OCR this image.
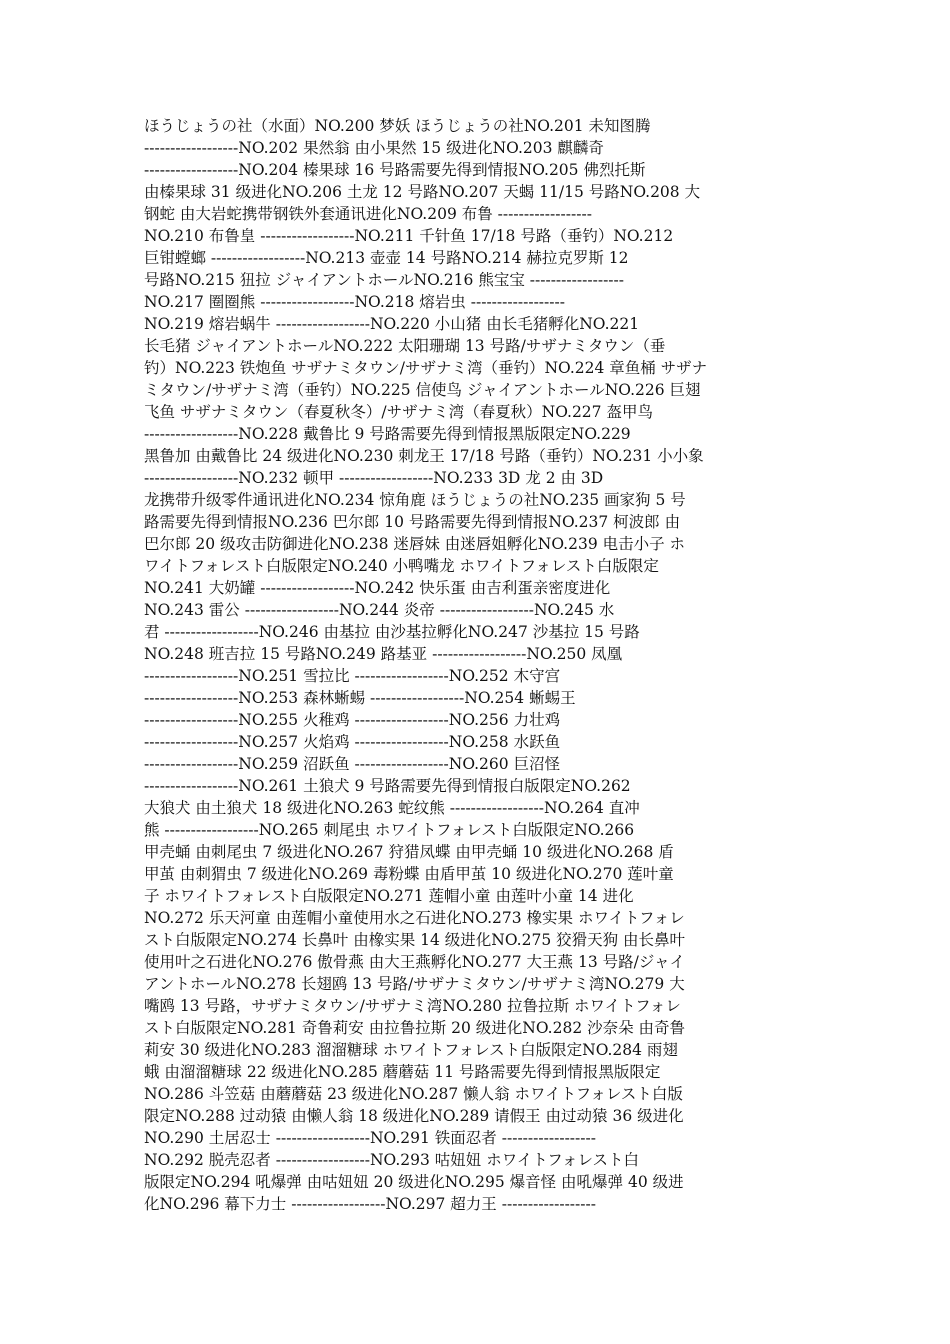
ほうじょうの社（水面）NO.200 梦妖 ほうじょうの社NO.201 未知图腾
------------------NO.202 果然翁 由小果然 15 级进化NO.203 麒麟奇
------------------NO.204 榛果球 16 号路需要先得到情报NO.205 佛烈托斯
由榛果球 31 级进化NO.206 土龙 12 号路NO.207 天蝎 11/15 号路NO.208 大
钢蛇 由大岩蛇携带钢铁外套通讯进化NO.209 布鲁 ------------------
NO.210 布鲁皇 ------------------NO.211 千针鱼 17/18 号路（垂钓）NO.212
巨钳螳螂 ------------------NO.213 壶壶 14 号路NO.214 赫拉克罗斯 12
号路NO.215 狃拉 ジャイアントホールNO.216 熊宝宝 ------------------
NO.217 圈圈熊 ------------------NO.218 熔岩虫 ------------------
NO.219 熔岩蜗牛 ------------------NO.220 小山猪 由长毛猪孵化NO.221
长毛猪 ジャイアントホールNO.222 太阳珊瑚 13 号路/サザナミタウン（垂
钓）NO.223 铁炮鱼 サザナミタウン/サザナミ湾（垂钓）NO.224 章鱼桶 サザナ
ミタウン/サザナミ湾（垂钓）NO.225 信使鸟 ジャイアントホールNO.226 巨翅
飞鱼 サザナミタウン（春夏秋冬）/サザナミ湾（春夏秋）NO.227 盔甲鸟
------------------NO.228 戴鲁比 9 号路需要先得到情报黑版限定NO.229
黑鲁加 由戴鲁比 24 级进化NO.230 刺龙王 17/18 号路（垂钓）NO.231 小小象
------------------NO.232 顿甲 ------------------NO.233 3D 龙 2 由 3D
龙携带升级零件通讯进化NO.234 惊角鹿 ほうじょうの社NO.235 画家狗 5 号
路需要先得到情报NO.236 巴尔郎 10 号路需要先得到情报NO.237 柯波郎 由
巴尔郎 20 级攻击防御进化NO.238 迷唇妹 由迷唇姐孵化NO.239 电击小子 ホ
ワイトフォレスト白版限定NO.240 小鸭嘴龙 ホワイトフォレスト白版限定
NO.241 大奶罐 ------------------NO.242 快乐蛋 由吉利蛋亲密度进化
NO.243 雷公 ------------------NO.244 炎帝 ------------------NO.245 水
君 ------------------NO.246 由基拉 由沙基拉孵化NO.247 沙基拉 15 号路
NO.248 班吉拉 15 号路NO.249 路基亚 ------------------NO.250 凤凰
------------------NO.251 雪拉比 ------------------NO.252 木守宫
------------------NO.253 森林蜥蜴 ------------------NO.254 蜥蜴王
------------------NO.255 火稚鸡 ------------------NO.256 力壮鸡
------------------NO.257 火焰鸡 ------------------NO.258 水跃鱼
------------------NO.259 沼跃鱼 ------------------NO.260 巨沼怪
------------------NO.261 土狼犬 9 号路需要先得到情报白版限定NO.262
大狼犬 由土狼犬 18 级进化NO.263 蛇纹熊 ------------------NO.264 直冲
熊 ------------------NO.265 刺尾虫 ホワイトフォレスト白版限定NO.266
甲壳蛹 由刺尾虫 7 级进化NO.267 狩猎凤蝶 由甲壳蛹 10 级进化NO.268 盾
甲茧 由刺猬虫 7 级进化NO.269 毒粉蝶 由盾甲茧 10 级进化NO.270 莲叶童
子 ホワイトフォレスト白版限定NO.271 莲帽小童 由莲叶小童 14 进化
NO.272 乐天河童 由莲帽小童使用水之石进化NO.273 橡实果 ホワイトフォレ
スト白版限定NO.274 长鼻叶 由橡实果 14 级进化NO.275 狡猾天狗 由长鼻叶
使用叶之石进化NO.276 傲骨燕 由大王燕孵化NO.277 大王燕 13 号路/ジャイ
アントホールNO.278 长翅鸥 13 号路/サザナミタウン/サザナミ湾NO.279 大
嘴鸥 13 号路，サザナミタウン/サザナミ湾NO.280 拉鲁拉斯 ホワイトフォレ
スト白版限定NO.281 奇鲁莉安 由拉鲁拉斯 20 级进化NO.282 沙奈朵 由奇鲁
莉安 30 级进化NO.283 溜溜糖球 ホワイトフォレスト白版限定NO.284 雨翅
蛾 由溜溜糖球 22 级进化NO.285 蘑蘑菇 11 号路需要先得到情报黑版限定
NO.286 斗笠菇 由蘑蘑菇 23 级进化NO.287 懒人翁 ホワイトフォレスト白版
限定NO.288 过动猿 由懒人翁 18 级进化NO.289 请假王 由过动猿 36 级进化
NO.290 土居忍士 ------------------NO.291 铁面忍者 ------------------
NO.292 脱壳忍者 ------------------NO.293 咕妞妞 ホワイトフォレスト白
版限定NO.294 吼爆弹 由咕妞妞 20 级进化NO.295 爆音怪 由吼爆弹 40 级进
化NO.296 幕下力士 ------------------NO.297 超力王 ------------------
